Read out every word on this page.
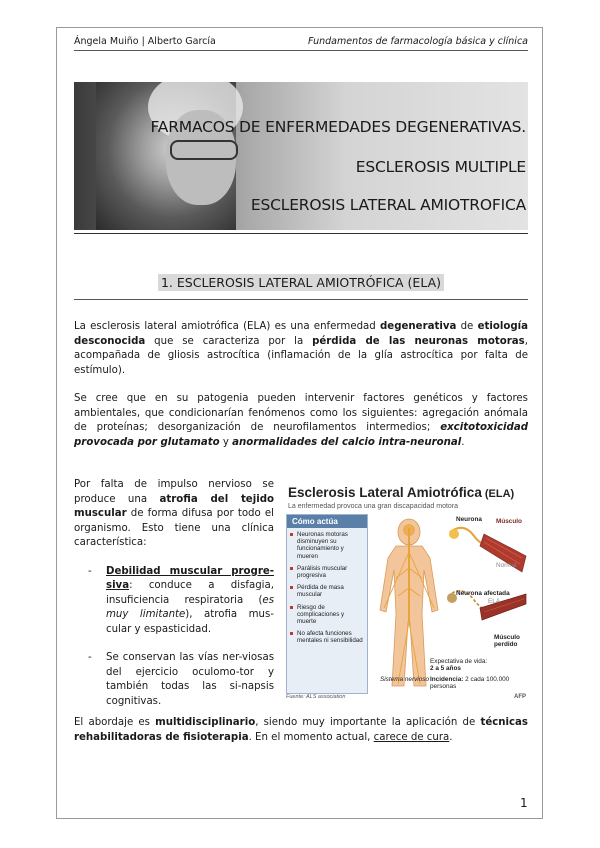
Ángela Muiño | Alberto García	Fundamentos de farmacología básica y clínica
FARMACOS DE ENFERMEDADES DEGENERATIVAS.
ESCLEROSIS MULTIPLE
ESCLEROSIS LATERAL AMIOTROFICA
1. ESCLEROSIS LATERAL AMIOTRÓFICA (ELA)
La esclerosis lateral amiotrófica (ELA) es una enfermedad degenerativa de etiología desconocida que se caracteriza por la pérdida de las neuronas motoras, acompañada de gliosis astrocítica (inflamación de la glía astrocítica por falta de estímulo).
Se cree que en su patogenia pueden intervenir factores genéticos y factores ambientales, que condicionarían fenómenos como los siguientes: agregación anómala de proteínas; desorganización de neurofilamentos intermedios; excitotoxicidad provocada por glutamato y anormalidades del calcio intra-neuronal.
Por falta de impulso nervioso se produce una atrofia del tejido muscular de forma difusa por todo el organismo. Esto tiene una clínica característica:
- Debilidad muscular progre-siva: conduce a disfagia, insuficiencia respiratoria (es muy limitante), atrofia mus-cular y espasticidad.
- Se conservan las vías ner-viosas del ejercicio oculomo-tor y también todas las si-napsis cognitivas.
Esclerosis Lateral Amiotrófica (ELA)
La enfermedad provoca una gran discapacidad motora
Cómo actúa
Neuronas motoras disminuyen su funcionamiento y mueren
Parálisis muscular progresiva
Pérdida de masa muscular
Riesgo de complicaciones y muerte
No afecta funciones mentales ni sensibilidad
Neurona Músculo
Normal
Neurona afectada
ELA
Músculo perdido
Sistema nervioso
Expectativa de vida:
2 a 5 años
Incidencia: 2 cada 100.000 personas
Fuente: ALS association	AFP
El abordaje es multidisciplinario, siendo muy importante la aplicación de técnicas rehabilitadoras de fisioterapia. En el momento actual, carece de cura.
1
